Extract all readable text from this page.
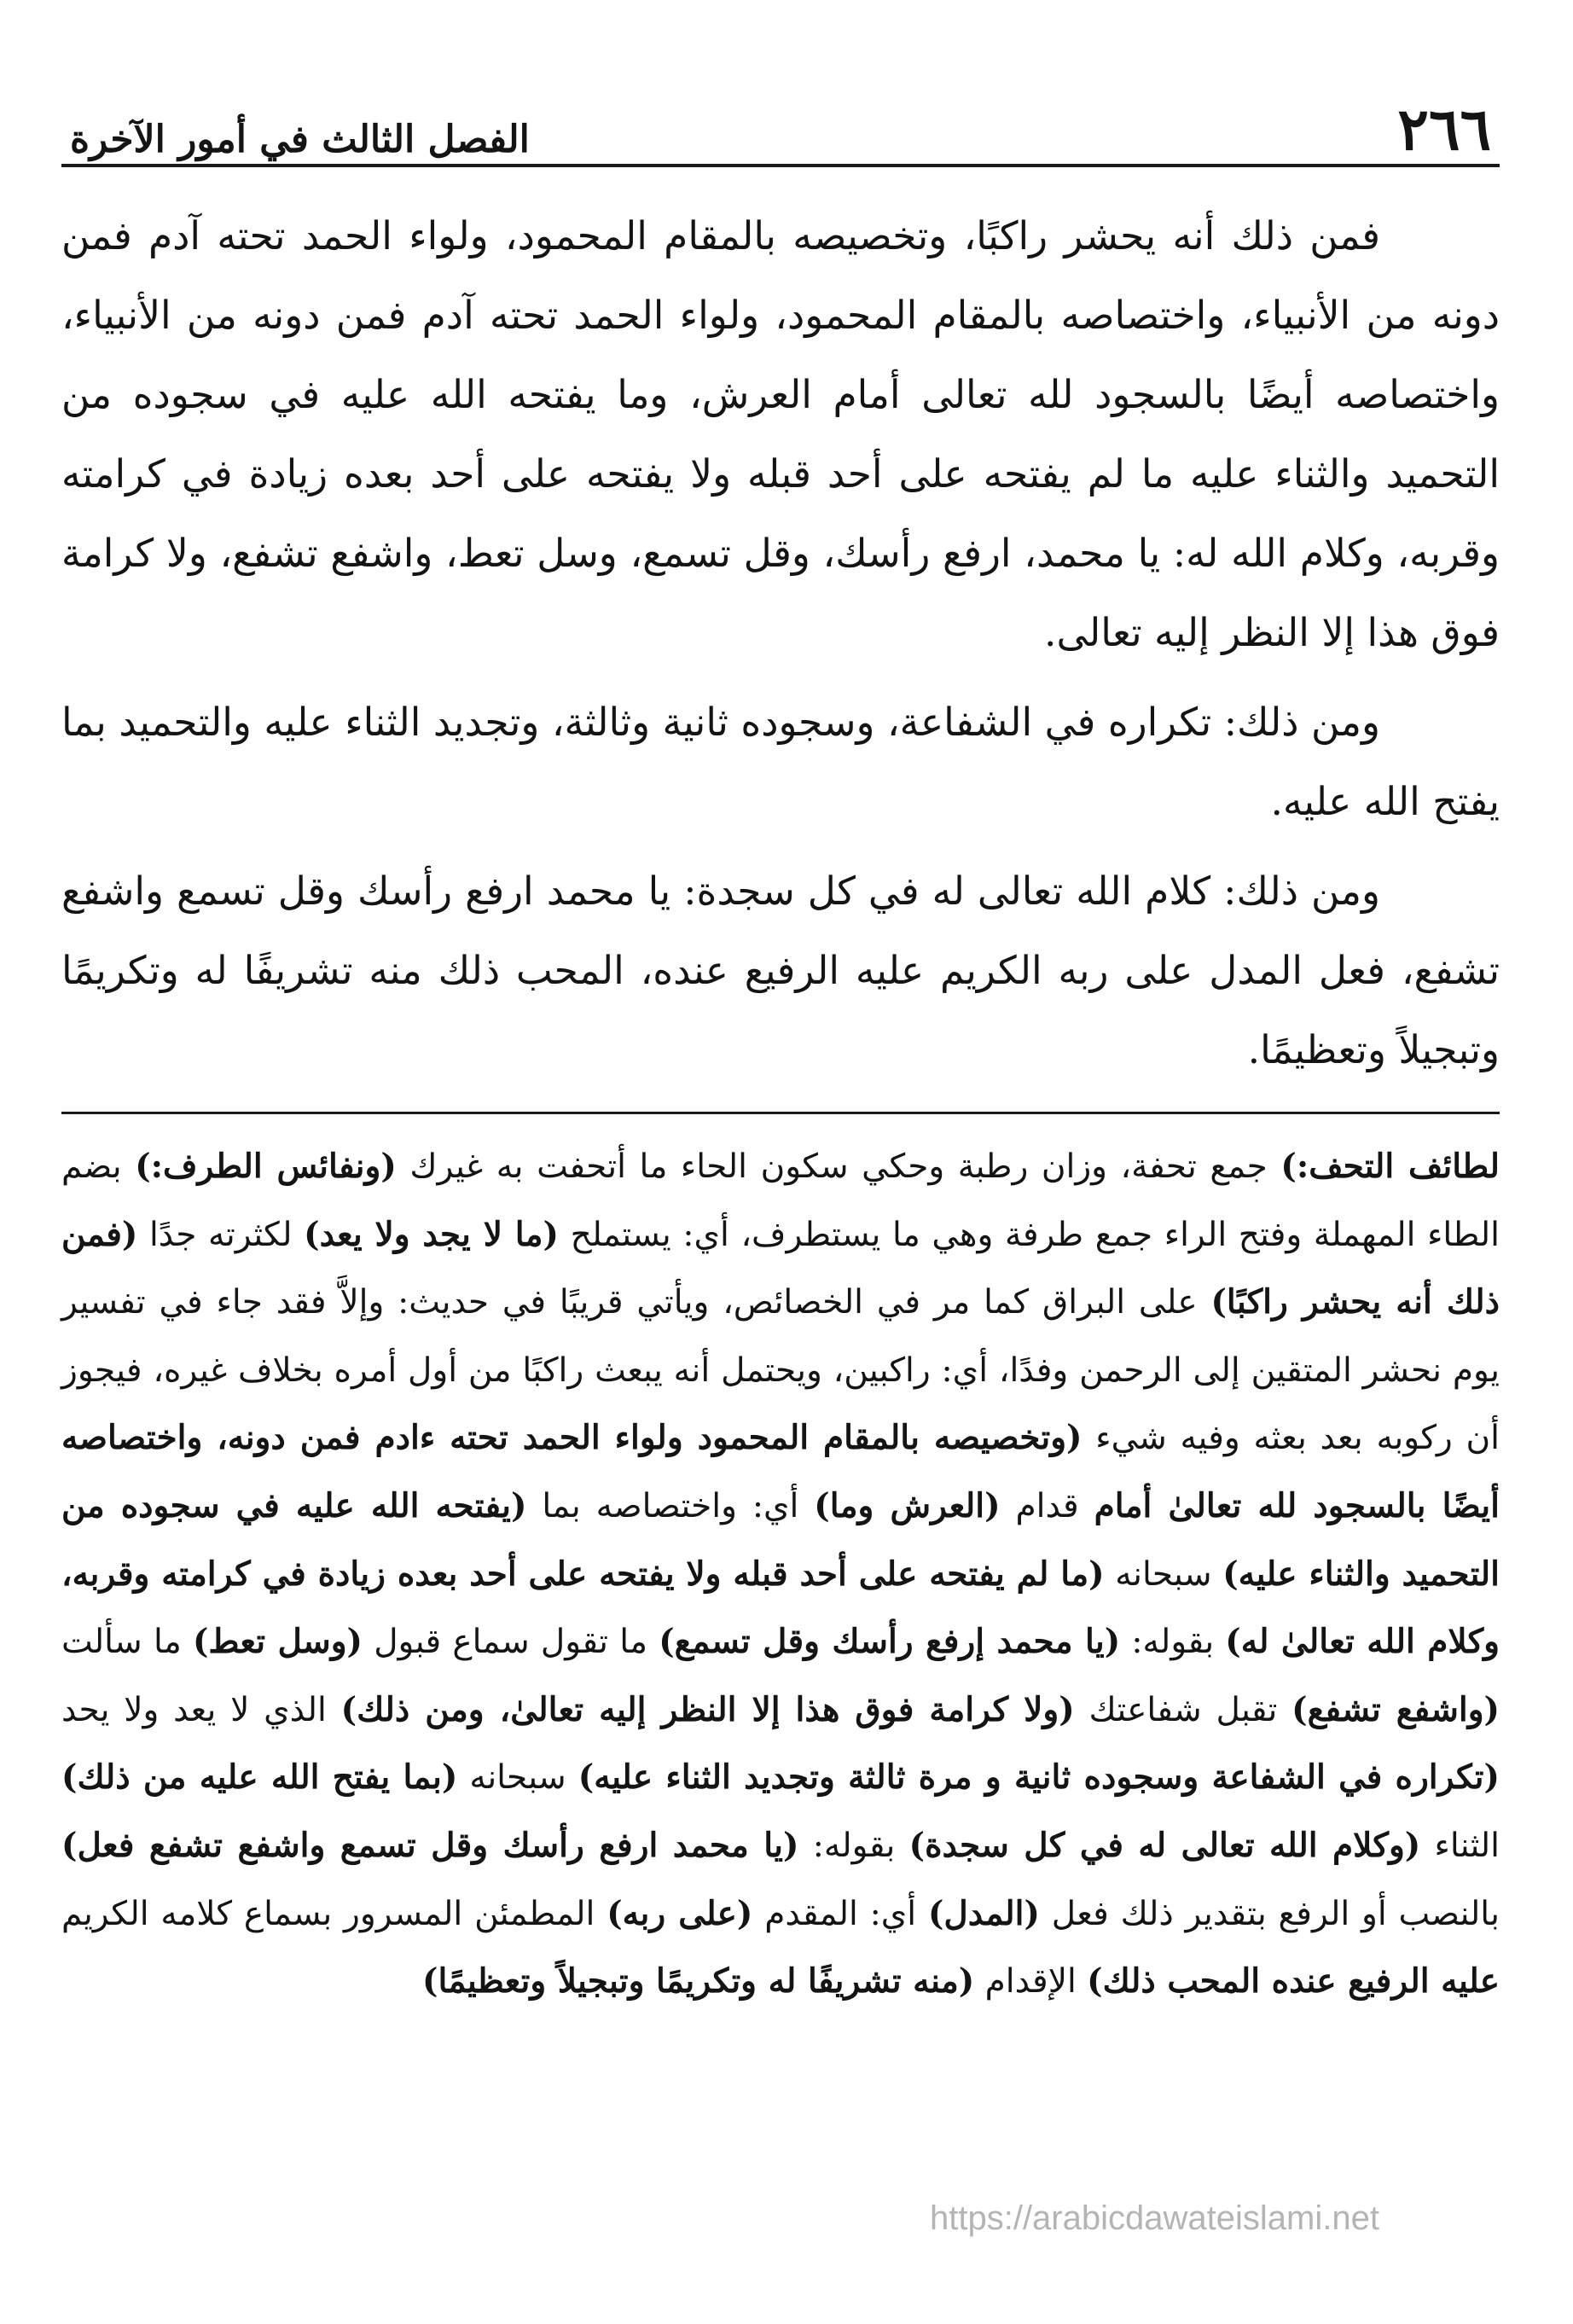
٢٦٦
الفصل الثالث في أمور الآخرة

فمن ذلك أنه يحشر راكبًا، وتخصيصه بالمقام المحمود، ولواء الحمد تحته آدم فمن دونه من الأنبياء، واختصاصه بالمقام المحمود، ولواء الحمد تحته آدم فمن دونه من الأنبياء، واختصاصه أيضًا بالسجود لله تعالى أمام العرش، وما يفتحه الله عليه في سجوده من التحميد والثناء عليه ما لم يفتحه على أحد قبله ولا يفتحه على أحد بعده زيادة في كرامته وقربه، وكلام الله له: يا محمد، ارفع رأسك، وقل تسمع، وسل تعط، واشفع تشفع، ولا كرامة فوق هذا إلا النظر إليه تعالى.

ومن ذلك: تكراره في الشفاعة، وسجوده ثانية وثالثة، وتجديد الثناء عليه والتحميد بما يفتح الله عليه.

ومن ذلك: كلام الله تعالى له في كل سجدة: يا محمد ارفع رأسك وقل تسمع واشفع تشفع، فعل المدل على ربه الكريم عليه الرفيع عنده، المحب ذلك منه تشريفًا له وتكريمًا وتبجيلاً وتعظيمًا.

لطائف التحف:) جمع تحفة، وزان رطبة وحكي سكون الحاء ما أتحفت به غيرك (ونفائس الطرف:) بضم الطاء المهملة وفتح الراء جمع طرفة وهي ما يستطرف، أي: يستملح (ما لا يجد ولا يعد) لكثرته جدًا (فمن ذلك أنه يحشر راكبًا) على البراق كما مر في الخصائص، ويأتي قريبًا في حديث: وإلاَّ فقد جاء في تفسير يوم نحشر المتقين إلى الرحمن وفدًا، أي: راكبين، ويحتمل أنه يبعث راكبًا من أول أمره بخلاف غيره، فيجوز أن ركوبه بعد بعثه وفيه شيء (وتخصيصه بالمقام المحمود ولواء الحمد تحته ءادم فمن دونه، واختصاصه أيضًا بالسجود لله تعالىٰ أمام قدام (العرش وما) أي: واختصاصه بما (يفتحه الله عليه في سجوده من التحميد والثناء عليه) سبحانه (ما لم يفتحه على أحد قبله ولا يفتحه على أحد بعده زيادة في كرامته وقربه، وكلام الله تعالىٰ له) بقوله: (يا محمد إرفع رأسك وقل تسمع) ما تقول سماع قبول (وسل تعط) ما سألت (واشفع تشفع) تقبل شفاعتك (ولا كرامة فوق هذا إلا النظر إليه تعالىٰ، ومن ذلك) الذي لا يعد ولا يحد (تكراره في الشفاعة وسجوده ثانية و مرة ثالثة وتجديد الثناء عليه) سبحانه (بما يفتح الله عليه من ذلك) الثناء (وكلام الله تعالى له في كل سجدة) بقوله: (يا محمد ارفع رأسك وقل تسمع واشفع تشفع فعل) بالنصب أو الرفع بتقدير ذلك فعل (المدل) أي: المقدم (على ربه) المطمئن المسرور بسماع كلامه الكريم عليه الرفيع عنده المحب ذلك) الإقدام (منه تشريفًا له وتكريمًا وتبجيلاً وتعظيمًا)

https://arabicdawateislami.net
